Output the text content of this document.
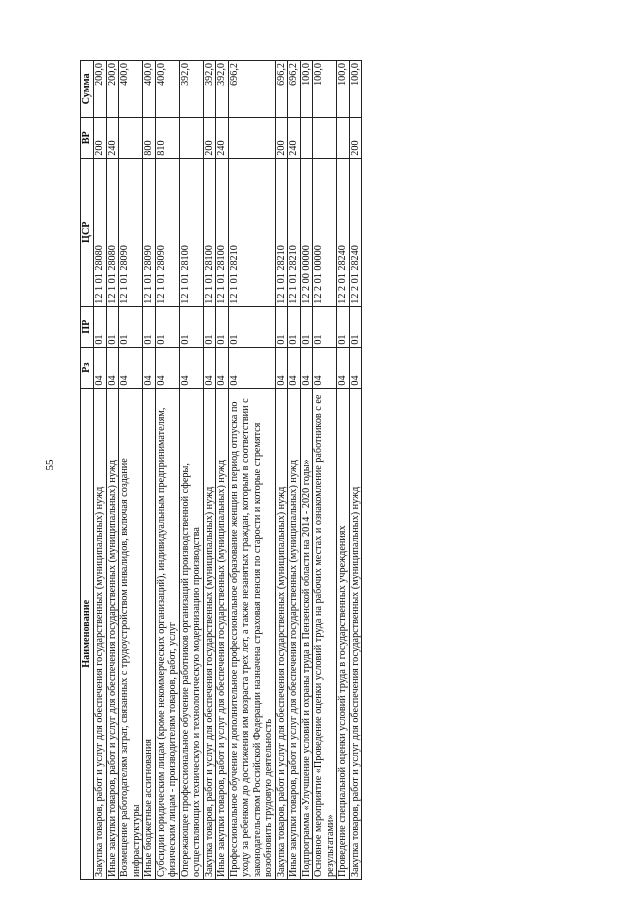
55
Наименование	Рз	ПР	ЦСР	ВР	Сумма
Закупка товаров, работ и услуг для обеспечения государственных (муниципальных) нужд	04	01	12 1 01 28080	200	200,0
Иные закупки товаров, работ и услуг для обеспечения государственных (муниципальных) нужд	04	01	12 1 01 28080	240	200,0
Возмещение работодателям затрат, связанных с трудоустройством инвалидов, включая создание инфраструктуры	04	01	12 1 01 28090		400,0
Иные бюджетные ассигнования	04	01	12 1 01 28090	800	400,0
Субсидии юридическим лицам (кроме некоммерческих организаций), индивидуальным предпринимателям, физическим лицам - производителям товаров, работ, услуг	04	01	12 1 01 28090	810	400,0
Опережающее профессиональное обучение работников организаций производственной сферы, осуществляющих техническую и технологическую модернизацию производства	04	01	12 1 01 28100		392,0
Закупка товаров, работ и услуг для обеспечения государственных (муниципальных) нужд	04	01	12 1 01 28100	200	392,0
Иные закупки товаров, работ и услуг для обеспечения государственных (муниципальных) нужд	04	01	12 1 01 28100	240	392,0
Профессиональное обучение и дополнительное профессиональное образование женщин в период отпуска по уходу за ребенком до достижения им возраста трех лет, а также незанятых граждан, которым в соответствии с законодательством Российской Федерации назначена страховая пенсия по старости и которые стремятся возобновить трудовую деятельность	04	01	12 1 01 28210		696,2
Закупка товаров, работ и услуг для обеспечения государственных (муниципальных) нужд	04	01	12 1 01 28210	200	696,2
Иные закупки товаров, работ и услуг для обеспечения государственных (муниципальных) нужд	04	01	12 1 01 28210	240	696,2
Подпрограмма «Улучшение условий и охраны труда в Пензенской области на 2014 - 2020 годы»	04	01	12 2 00 00000		100,0
Основное мероприятие «Проведение оценки условий труда на рабочих местах и ознакомление работников с ее результатами»	04	01	12 2 01 00000		100,0
Проведение специальной оценки условий труда в государственных учреждениях	04	01	12 2 01 28240		100,0
Закупка товаров, работ и услуг для обеспечения государственных (муниципальных) нужд	04	01	12 2 01 28240	200	100,0
